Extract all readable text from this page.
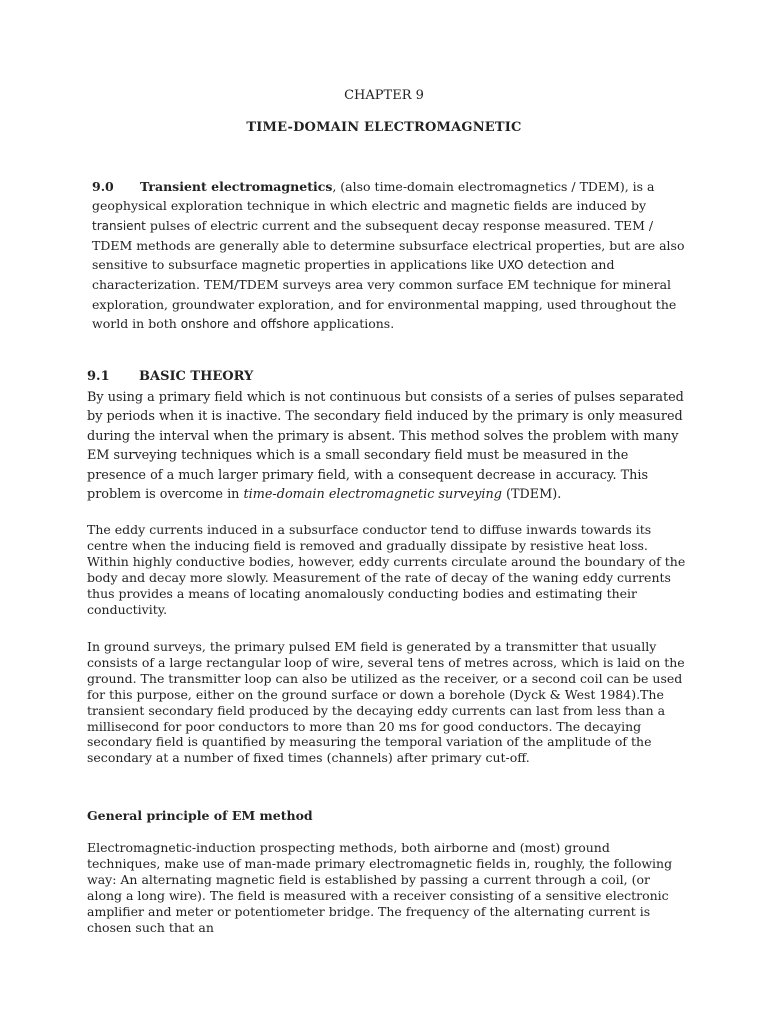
CHAPTER 9
TIME-DOMAIN ELECTROMAGNETIC
9.0 Transient electromagnetics, (also time-domain electromagnetics / TDEM), is a geophysical exploration technique in which electric and magnetic fields are induced by transient pulses of electric current and the subsequent decay response measured. TEM / TDEM methods are generally able to determine subsurface electrical properties, but are also sensitive to subsurface magnetic properties in applications like UXO detection and characterization. TEM/TDEM surveys area very common surface EM technique for mineral exploration, groundwater exploration, and for environmental mapping, used throughout the world in both onshore and offshore applications.
9.1 BASIC THEORY
By using a primary field which is not continuous but consists of a series of pulses separated by periods when it is inactive. The secondary field induced by the primary is only measured during the interval when the primary is absent. This method solves the problem with many EM surveying techniques which is a small secondary field must be measured in the presence of a much larger primary field, with a consequent decrease in accuracy. This problem is overcome in time-domain electromagnetic surveying (TDEM).
The eddy currents induced in a subsurface conductor tend to diffuse inwards towards its centre when the inducing field is removed and gradually dissipate by resistive heat loss. Within highly conductive bodies, however, eddy currents circulate around the boundary of the body and decay more slowly. Measurement of the rate of decay of the waning eddy currents thus provides a means of locating anomalously conducting bodies and estimating their conductivity.
In ground surveys, the primary pulsed EM field is generated by a transmitter that usually consists of a large rectangular loop of wire, several tens of metres across, which is laid on the ground. The transmitter loop can also be utilized as the receiver, or a second coil can be used for this purpose, either on the ground surface or down a borehole (Dyck & West 1984).The transient secondary field produced by the decaying eddy currents can last from less than a millisecond for poor conductors to more than 20 ms for good conductors. The decaying secondary field is quantified by measuring the temporal variation of the amplitude of the secondary at a number of fixed times (channels) after primary cut-off.
General principle of EM method
Electromagnetic-induction prospecting methods, both airborne and (most) ground techniques, make use of man-made primary electromagnetic fields in, roughly, the following way: An alternating magnetic field is established by passing a current through a coil, (or along a long wire). The field is measured with a receiver consisting of a sensitive electronic amplifier and meter or potentiometer bridge. The frequency of the alternating current is chosen such that an
